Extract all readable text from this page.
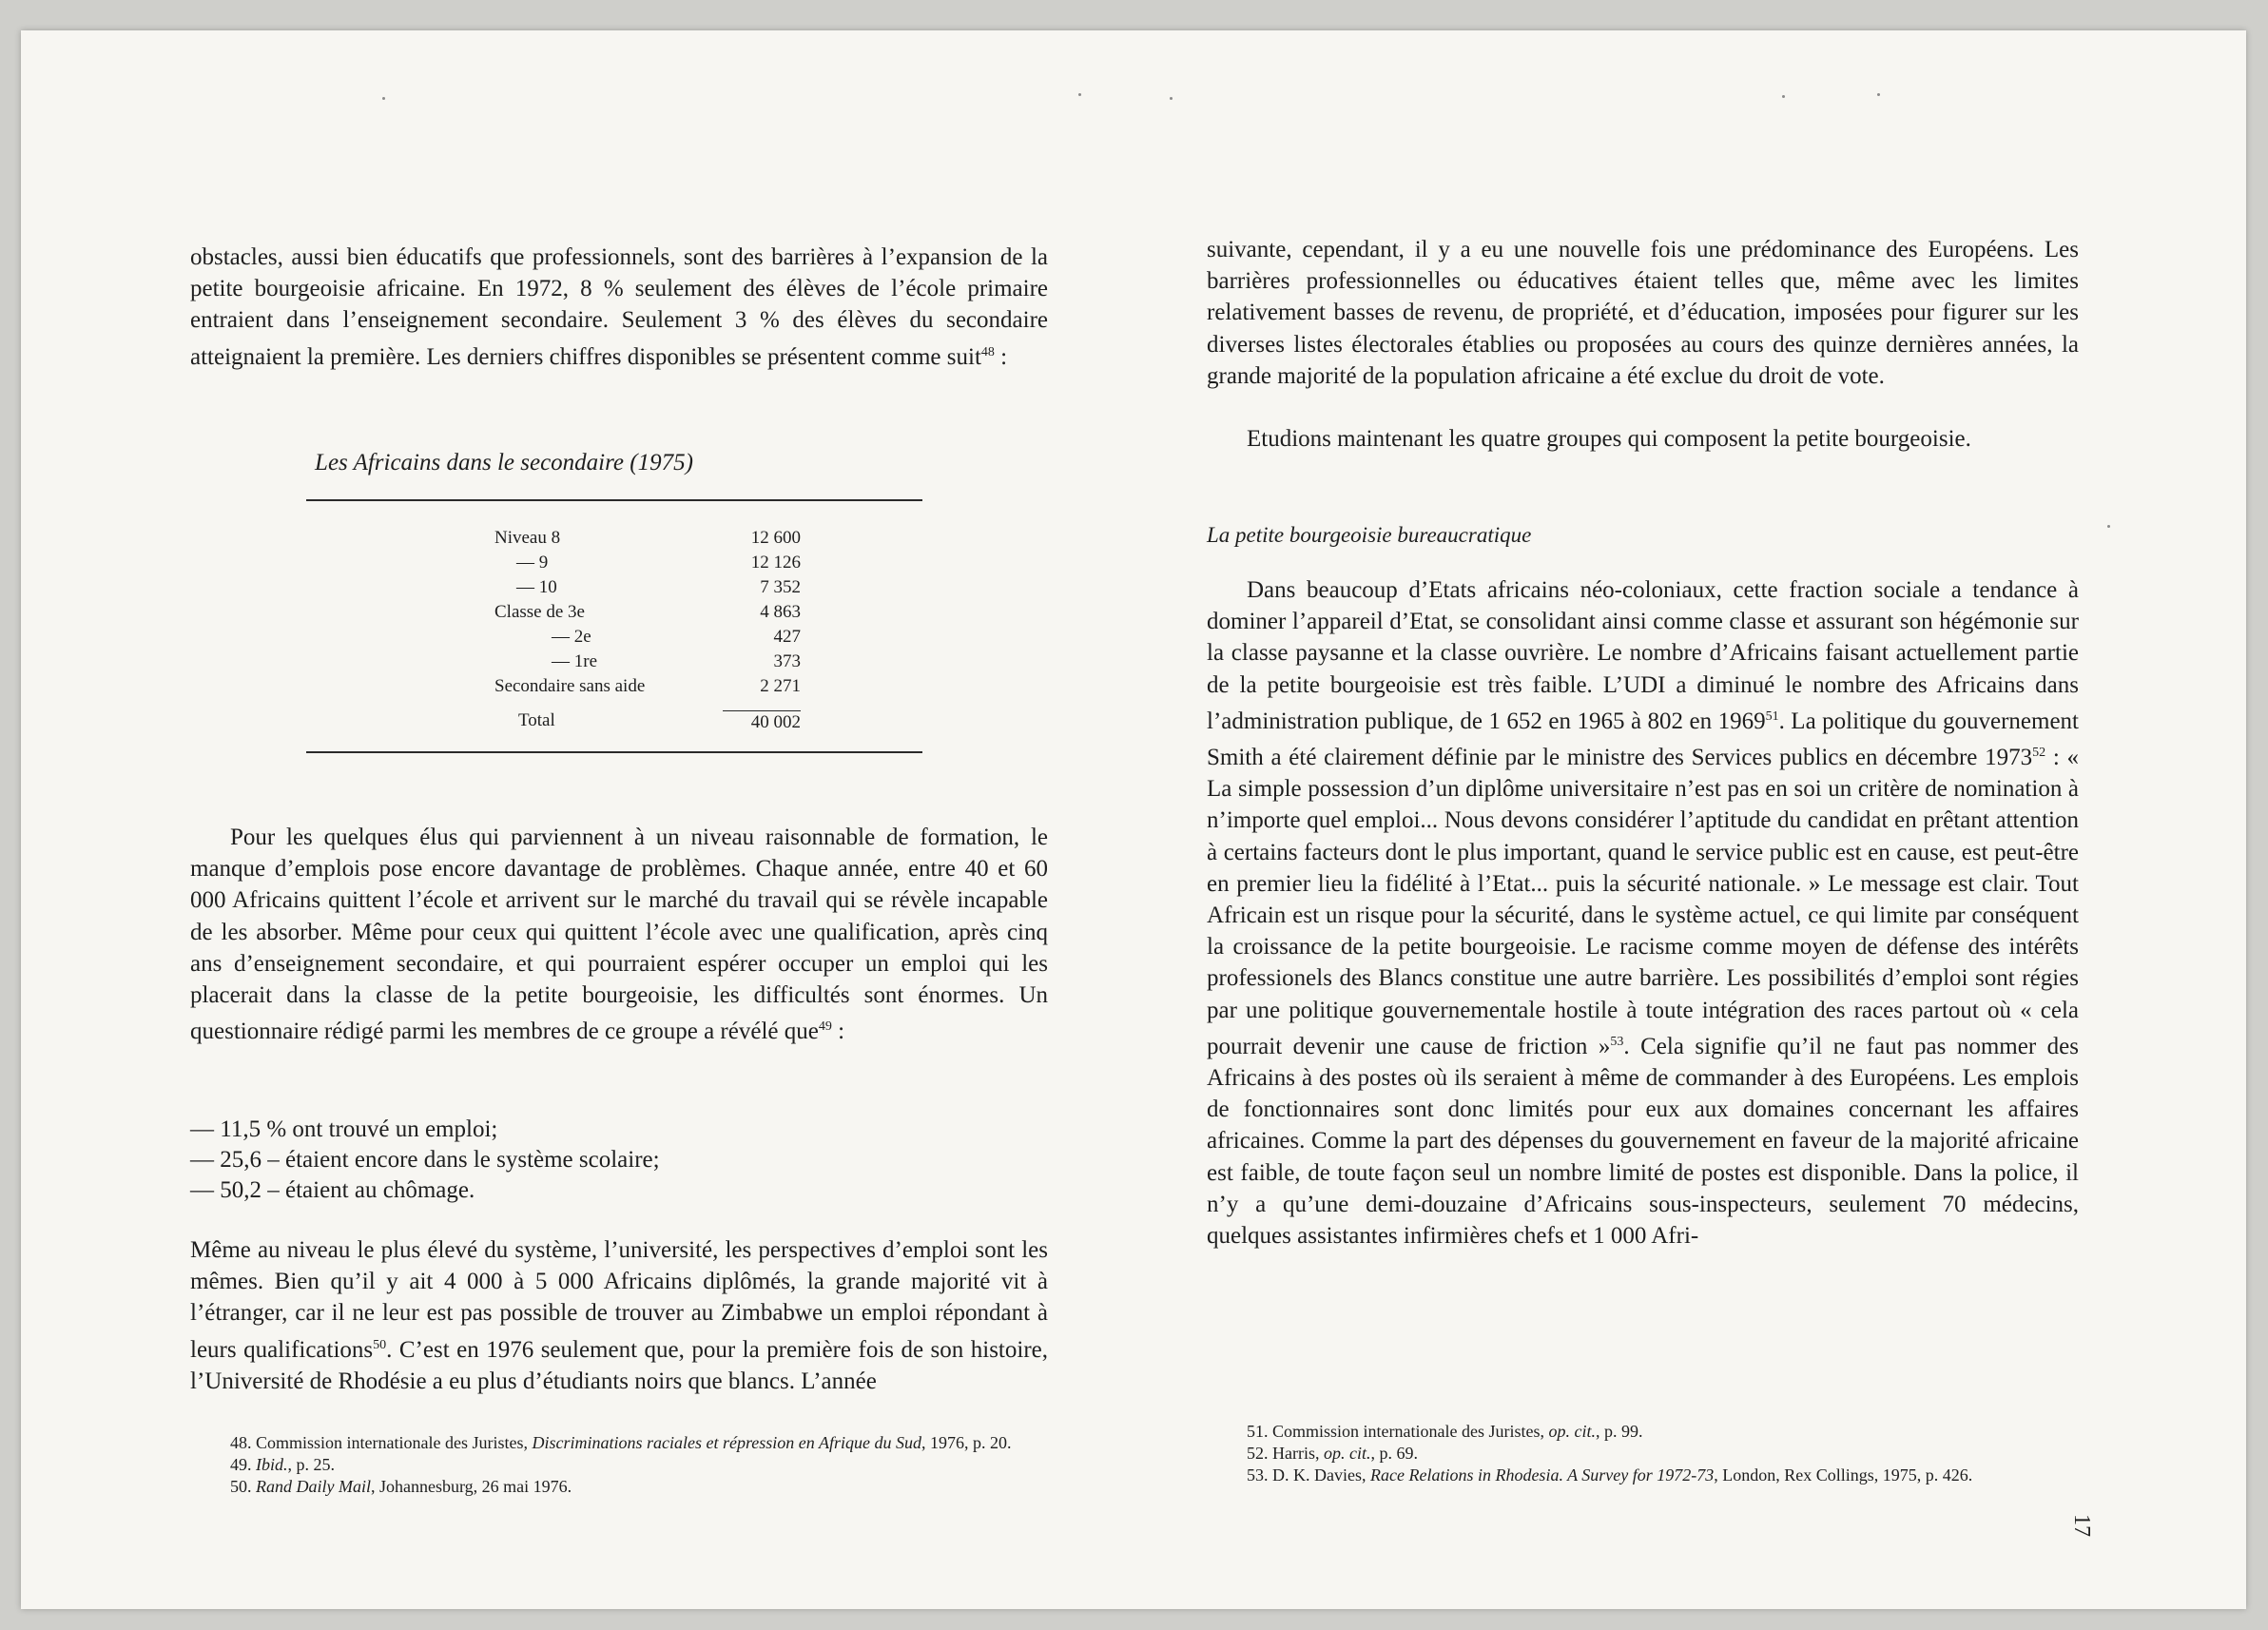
obstacles, aussi bien éducatifs que professionnels, sont des barrières à l’expansion de la petite bourgeoisie africaine. En 1972, 8 % seulement des élèves de l’école primaire entraient dans l’enseignement secondaire. Seulement 3 % des élèves du secondaire atteignaient la première. Les derniers chiffres disponibles se présentent comme suit$^{48}$ :

Les Africains dans le secondaire (1975)
Niveau 8	12 600
— 9	12 126
— 10	7 352
Classe de 3e	4 863
— 2e	427
— 1re	373
Secondaire sans aide	2 271
Total	40 002

Pour les quelques élus qui parviennent à un niveau raisonnable de formation, le manque d’emplois pose encore davantage de problèmes. Chaque année, entre 40 et 60 000 Africains quittent l’école et arrivent sur le marché du travail qui se révèle incapable de les absorber. Même pour ceux qui quittent l’école avec une qualification, après cinq ans d’enseignement secondaire, et qui pourraient espérer occuper un emploi qui les placerait dans la classe de la petite bourgeoisie, les difficultés sont énormes. Un questionnaire rédigé parmi les membres de ce groupe a révélé que$^{49}$ :

— 11,5 % ont trouvé un emploi;
— 25,6 – étaient encore dans le système scolaire;
— 50,2 – étaient au chômage.

Même au niveau le plus élevé du système, l’université, les perspectives d’emploi sont les mêmes. Bien qu’il y ait 4 000 à 5 000 Africains diplômés, la grande majorité vit à l’étranger, car il ne leur est pas possible de trouver au Zimbabwe un emploi répondant à leurs qualifications$^{50}$. C’est en 1976 seulement que, pour la première fois de son histoire, l’Université de Rhodésie a eu plus d’étudiants noirs que blancs. L’année

48. Commission internationale des Juristes, Discriminations raciales et répression en Afrique du Sud, 1976, p. 20.

49. Ibid., p. 25.

50. Rand Daily Mail, Johannesburg, 26 mai 1976.

suivante, cependant, il y a eu une nouvelle fois une prédominance des Européens. Les barrières professionnelles ou éducatives étaient telles que, même avec les limites relativement basses de revenu, de propriété, et d’éducation, imposées pour figurer sur les diverses listes électorales établies ou proposées au cours des quinze dernières années, la grande majorité de la population africaine a été exclue du droit de vote.

Etudions maintenant les quatre groupes qui composent la petite bourgeoisie.

La petite bourgeoisie bureaucratique

Dans beaucoup d’Etats africains néo-coloniaux, cette fraction sociale a tendance à dominer l’appareil d’Etat, se consolidant ainsi comme classe et assurant son hégémonie sur la classe paysanne et la classe ouvrière. Le nombre d’Africains faisant actuellement partie de la petite bourgeoisie est très faible. L’UDI a diminué le nombre des Africains dans l’administration publique, de 1 652 en 1965 à 802 en 1969$^{51}$. La politique du gouvernement Smith a été clairement définie par le ministre des Services publics en décembre 1973$^{52}$ : « La simple possession d’un diplôme universitaire n’est pas en soi un critère de nomination à n’importe quel emploi... Nous devons considérer l’aptitude du candidat en prêtant attention à certains facteurs dont le plus important, quand le service public est en cause, est peut-être en premier lieu la fidélité à l’Etat... puis la sécurité nationale. » Le message est clair. Tout Africain est un risque pour la sécurité, dans le système actuel, ce qui limite par conséquent la croissance de la petite bourgeoisie. Le racisme comme moyen de défense des intérêts professionels des Blancs constitue une autre barrière. Les possibilités d’emploi sont régies par une politique gouvernementale hostile à toute intégration des races partout où « cela pourrait devenir une cause de friction »$^{53}$. Cela signifie qu’il ne faut pas nommer des Africains à des postes où ils seraient à même de commander à des Européens. Les emplois de fonctionnaires sont donc limités pour eux aux domaines concernant les affaires africaines. Comme la part des dépenses du gouvernement en faveur de la majorité africaine est faible, de toute façon seul un nombre limité de postes est disponible. Dans la police, il n’y a qu’une demi-douzaine d’Africains sous-inspecteurs, seulement 70 médecins, quelques assistantes infirmières chefs et 1 000 Afri-

51. Commission internationale des Juristes, op. cit., p. 99.

52. Harris, op. cit., p. 69.

53. D. K. Davies, Race Relations in Rhodesia. A Survey for 1972-73, London, Rex Collings, 1975, p. 426.

17
